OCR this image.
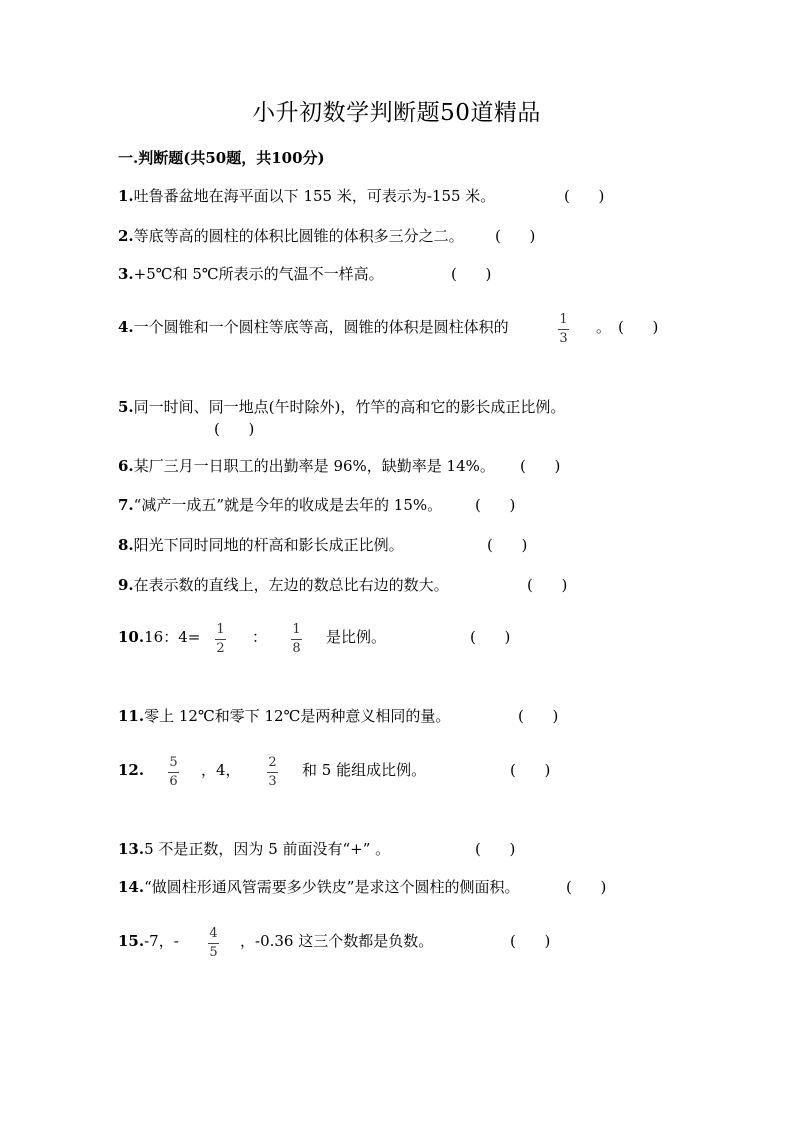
小升初数学判断题50道精品
一.判断题(共50题，共100分)
1.吐鲁番盆地在海平面以下 155 米，可表示为-155 米。	(      )
2.等底等高的圆柱的体积比圆锥的体积多三分之二。 (      )
3.+5℃和 5℃所表示的气温不一样高。	(      )
4.一个圆锥和一个圆柱等底等高，圆锥的体积是圆柱体积的	1
3
。 (      )
5.同一时间、同一地点(午时除外)，竹竿的高和它的影长成正比例。
(      )
6.某厂三月一日职工的出勤率是 96%，缺勤率是 14%。 (      )
7.“减产一成五”就是今年的收成是去年的 15%。 (      )
8.阳光下同时同地的杆高和影长成正比例。	(      )
9.在表示数的直线上，左边的数总比右边的数大。	(      )
10.16：4= 1
2
： 1
8
是比例。	(      )
11.零上 12℃和零下 12℃是两种意义相同的量。	(      )
12. 5
6
，4， 2
3
和 5 能组成比例。	(      )
13.5 不是正数，因为 5 前面没有“+” 。	(      )
14.“做圆柱形通风管需要多少铁皮”是求这个圆柱的侧面积。	(      )
15.-7，- 4
5
，-0.36 这三个数都是负数。	(      )
